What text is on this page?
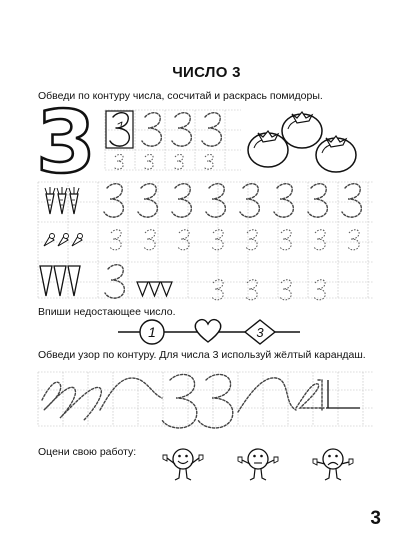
ЧИСЛО 3
Обведи по контуру числа, сосчитай и раскрась помидоры.
Впиши недостающее число.
Обведи узор по контуру. Для числа 3 используй жёлтый карандаш.
Оцени свою работу:
3
3
1	3
